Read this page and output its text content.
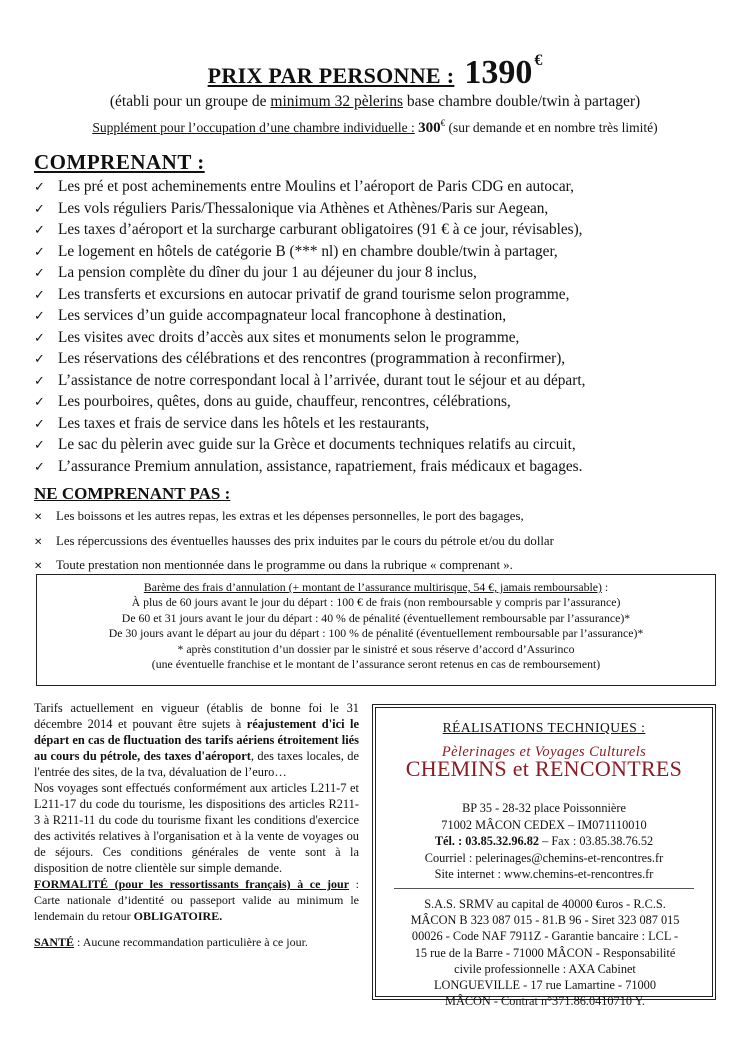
PRIX PAR PERSONNE : 1390 €
(établi pour un groupe de minimum 32 pèlerins base chambre double/twin à partager)
Supplément pour l’occupation d’une chambre individuelle : 300€ (sur demande et en nombre très limité)
COMPRENANT :
✓ Les pré et post acheminements entre Moulins et l’aéroport de Paris CDG en autocar,
✓ Les vols réguliers Paris/Thessalonique via Athènes et Athènes/Paris sur Aegean,
✓ Les taxes d’aéroport et la surcharge carburant obligatoires (91 € à ce jour, révisables),
✓ Le logement en hôtels de catégorie B (*** nl) en chambre double/twin à partager,
✓ La pension complète du dîner du jour 1 au déjeuner du jour 8 inclus,
✓ Les transferts et excursions en autocar privatif de grand tourisme selon programme,
✓ Les services d’un guide accompagnateur local francophone à destination,
✓ Les visites avec droits d’accès aux sites et monuments selon le programme,
✓ Les réservations des célébrations et des rencontres (programmation à reconfirmer),
✓ L’assistance de notre correspondant local à l’arrivée, durant tout le séjour et au départ,
✓ Les pourboires, quêtes, dons au guide, chauffeur, rencontres, célébrations,
✓ Les taxes et frais de service dans les hôtels et les restaurants,
✓ Le sac du pèlerin avec guide sur la Grèce et documents techniques relatifs au circuit,
✓ L’assurance Premium annulation, assistance, rapatriement, frais médicaux et bagages.
NE COMPRENANT PAS :
✕ Les boissons et les autres repas, les extras et les dépenses personnelles, le port des bagages,
✕ Les répercussions des éventuelles hausses des prix induites par le cours du pétrole et/ou du dollar
✕ Toute prestation non mentionnée dans le programme ou dans la rubrique « comprenant ».
Barème des frais d’annulation (+ montant de l’assurance multirisque, 54 €, jamais remboursable) :
À plus de 60 jours avant le jour du départ : 100 € de frais (non remboursable y compris par l’assurance)
De 60 et 31 jours avant le jour du départ : 40 % de pénalité (éventuellement remboursable par l’assurance)*
De 30 jours avant le départ au jour du départ : 100 % de pénalité (éventuellement remboursable par l’assurance)*
* après constitution d’un dossier par le sinistré et sous réserve d’accord d’Assurinco
(une éventuelle franchise et le montant de l’assurance seront retenus en cas de remboursement)

Tarifs actuellement en vigueur (établis de bonne foi le 31 décembre 2014 et pouvant être sujets à réajustement d'ici le départ en cas de fluctuation des tarifs aériens étroitement liés au cours du pétrole, des taxes d'aéroport, des taxes locales, de l'entrée des sites, de la tva, dévaluation de l’euro…

Nos voyages sont effectués conformément aux articles L211-7 et L211-17 du code du tourisme, les dispositions des articles R211-3 à R211-11 du code du tourisme fixant les conditions d'exercice des activités relatives à l'organisation et à la vente de voyages ou de séjours. Ces conditions générales de vente sont à la disposition de notre clientèle sur simple demande.

FORMALITÉ (pour les ressortissants français) à ce jour : Carte nationale d’identité ou passeport valide au minimum le lendemain du retour OBLIGATOIRE.

SANTÉ : Aucune recommandation particulière à ce jour.

RÉALISATIONS TECHNIQUES :
Pèlerinages et Voyages Culturels
CHEMINS et RENCONTRES
BP 35 - 28-32 place Poissonnière
71002 MÂCON CEDEX – IM071110010
Tél. : 03.85.32.96.82 – Fax : 03.85.38.76.52
Courriel : pelerinages@chemins-et-rencontres.fr
Site internet : www.chemins-et-rencontres.fr
S.A.S. SRMV au capital de 40000 €uros - R.C.S.
MÂCON B 323 087 015 - 81.B 96 - Siret 323 087 015
00026 - Code NAF 7911Z - Garantie bancaire : LCL -
15 rue de la Barre - 71000 MÂCON - Responsabilité
civile professionnelle : AXA Cabinet
LONGUEVILLE - 17 rue Lamartine - 71000
MÂCON - Contrat n°371.86.0410710 Y.
